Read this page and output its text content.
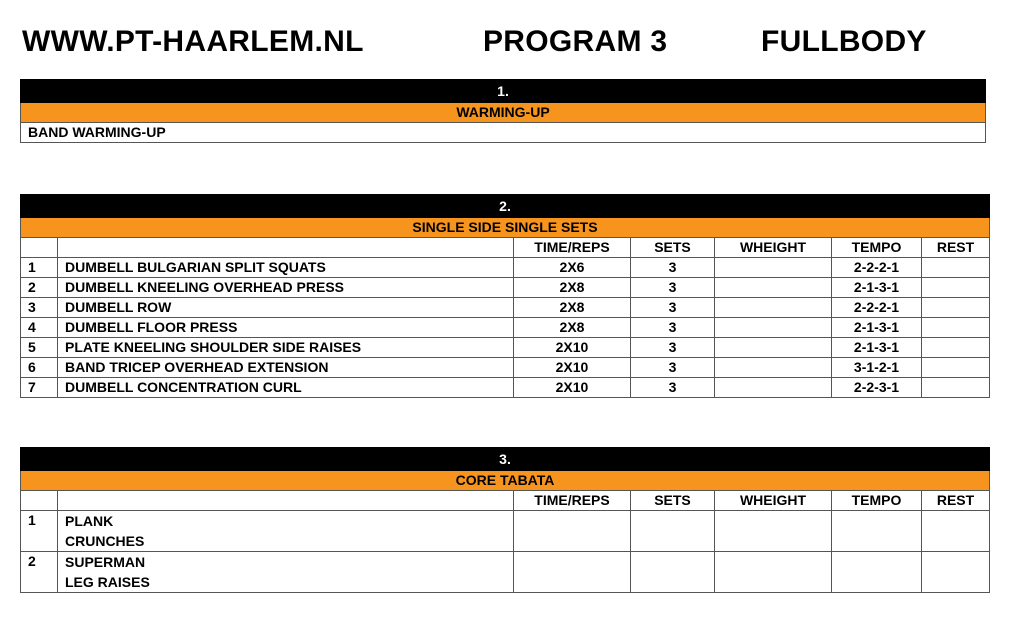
WWW.PT-HAARLEM.NL	PROGRAM 3	FULLBODY
1.
WARMING-UP
BAND WARMING-UP
2.						
SINGLE SIDE SINGLE SETS						
		TIME/REPS	SETS	WHEIGHT	TEMPO	REST
1	DUMBELL BULGARIAN SPLIT SQUATS	2X6	3		2-2-2-1	
2	DUMBELL KNEELING OVERHEAD PRESS	2X8	3		2-1-3-1	
3	DUMBELL ROW	2X8	3		2-2-2-1	
4	DUMBELL FLOOR PRESS	2X8	3		2-1-3-1	
5	PLATE KNEELING SHOULDER SIDE RAISES	2X10	3		2-1-3-1	
6	BAND TRICEP OVERHEAD EXTENSION	2X10	3		3-1-2-1	
7	DUMBELL CONCENTRATION CURL	2X10	3		2-2-3-1	
3.						
CORE TABATA						
		TIME/REPS	SETS	WHEIGHT	TEMPO	REST
1	PLANK
CRUNCHES					

2	SUPERMAN
LEG RAISES					
